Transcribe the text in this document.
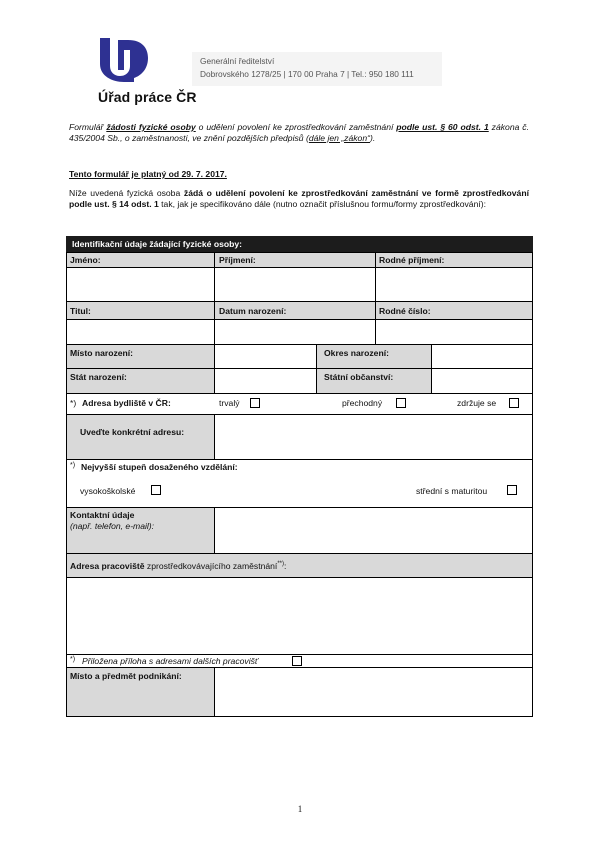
Úřad práce ČR
Generální ředitelství
Dobrovského 1278/25 | 170 00 Praha 7 | Tel.: 950 180 111
Formulář žádosti fyzické osoby o udělení povolení ke zprostředkování zaměstnání podle ust. § 60 odst. 1 zákona č. 435/2004 Sb., o zaměstnanosti, ve znění pozdějších předpisů (dále jen „zákon“).
Tento formulář je platný od 29. 7. 2017.
Níže uvedená fyzická osoba žádá o udělení povolení ke zprostředkování zaměstnání ve formě zprostředkování podle ust. § 14 odst. 1 tak, jak je specifikováno dále (nutno označit příslušnou formu/formy zprostředkování):
Identifikační údaje žádající fyzické osoby:
Jméno:	Příjmení:	Rodné příjmení:
Titul:	Datum narození:	Rodné číslo:
Místo narození:	Okres narození:
Stát narození:	Státní občanství:
*) Adresa bydliště v ČR:	trvalý	přechodný	zdržuje se
Uveďte konkrétní adresu:
*) Nejvyšší stupeň dosaženého vzdělání:
vysokoškolské	střední s maturitou
Kontaktní údaje
(např. telefon, e-mail):
Adresa pracoviště zprostředkovávajícího zaměstnání**):
*) Přiložena příloha s adresami dalších pracovišť
Místo a předmět podnikání:
1
